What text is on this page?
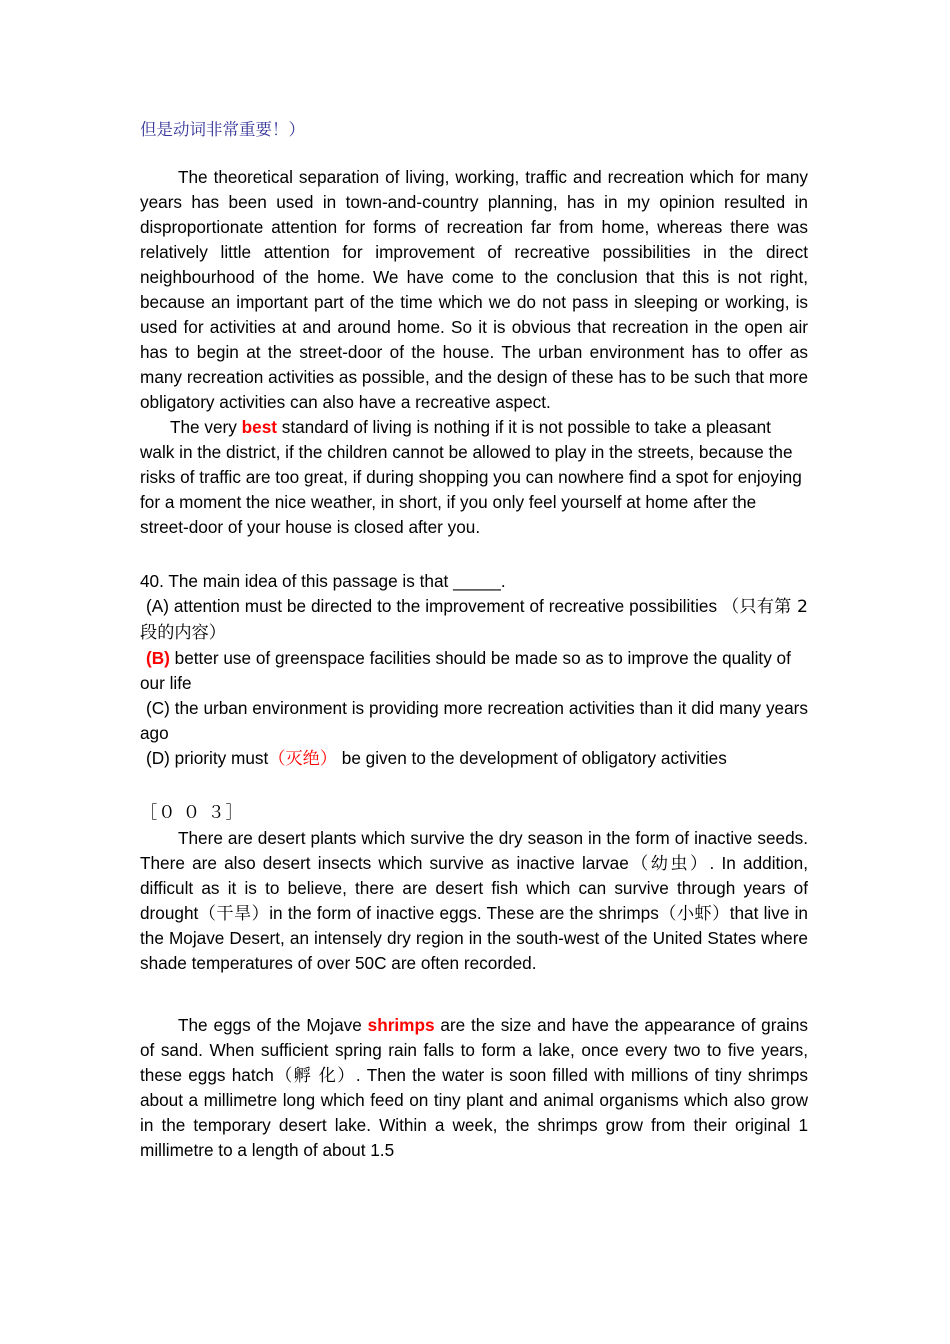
但是动词非常重要！）

The theoretical separation of living, working, traffic and recreation which for many years has been used in town-and-country planning, has in my opinion resulted in disproportionate attention for forms of recreation far from home, whereas there was relatively little attention for improvement of recreative possibilities in the direct neighbourhood of the home. We have come to the conclusion that this is not right, because an important part of the time which we do not pass in sleeping or working, is used for activities at and around home. So it is obvious that recreation in the open air has to begin at the street-door of the house. The urban environment has to offer as many recreation activities as possible, and the design of these has to be such that more obligatory activities can also have a recreative aspect.

The very best standard of living is nothing if it is not possible to take a pleasant walk in the district, if the children cannot be allowed to play in the streets, because the risks of traffic are too great, if during shopping you can nowhere find a spot for enjoying for a moment the nice weather, in short, if you only feel yourself at home after the street-door of your house is closed after you.

40. The main idea of this passage is that _____.

(A) attention must be directed to the improvement of recreative possibilities （只有第 2 段的内容）

(B) better use of greenspace facilities should be made so as to improve the quality of our life

(C) the urban environment is providing more recreation activities than it did many years ago

(D) priority must（灭绝） be given to the development of obligatory activities

［０ ０ ３］

There are desert plants which survive the dry season in the form of inactive seeds. There are also desert insects which survive as inactive larvae（幼虫）. In addition, difficult as it is to believe, there are desert fish which can survive through years of drought（干旱）in the form of inactive eggs. These are the shrimps（小虾）that live in the Mojave Desert, an intensely dry region in the south-west of the United States where shade temperatures of over 50C are often recorded.

The eggs of the Mojave shrimps are the size and have the appearance of grains of sand. When sufficient spring rain falls to form a lake, once every two to five years, these eggs hatch（孵 化）. Then the water is soon filled with millions of tiny shrimps about a millimetre long which feed on tiny plant and animal organisms which also grow in the temporary desert lake. Within a week, the shrimps grow from their original 1 millimetre to a length of about 1.5
